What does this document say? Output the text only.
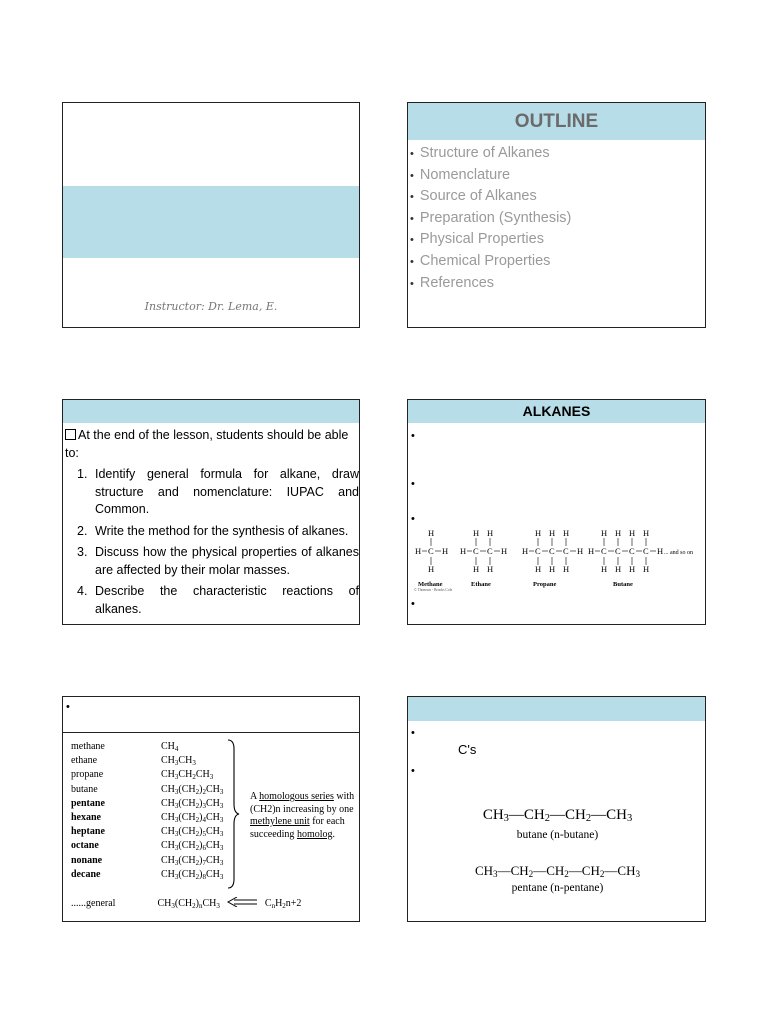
Instructor: Dr. Lema, E.
OUTLINE
• Structure of Alkanes
• Nomenclature
• Source of Alkanes
• Preparation (Synthesis)
• Physical Properties
• Chemical Properties
• References
At the end of the lesson, students should be able to:
1. Identify general formula for alkane, draw structure and nomenclature: IUPAC and Common.
2. Write the method for the synthesis of alkanes.
3. Discuss how the physical properties of alkanes are affected by their molar masses.
4. Describe the characteristic reactions of alkanes.
ALKANES
•
•
•
•
H C
H
H
H H C
H
H
C
H
H
H H C
H
H
C
H
H
C
H
H
H H C
H
H
C
H
H
C
H
H
C
H
H
H
Methane	Ethane	Propane	Butane
... and so on
© Thomson - Brooks Cole
•
methane	$CH_4$
ethane	$CH_3CH_3$
propane	$CH_3CH_2CH_3$
butane	$CH_3(CH_2)_2CH_3$
pentane	$CH_3(CH_2)_3CH_3$
hexane	$CH_3(CH_2)_4CH_3$
heptane	$CH_3(CH_2)_5CH_3$
octane	$CH_3(CH_2)_6CH_3$
nonane	$CH_3(CH_2)_7CH_3$
decane	$CH_3(CH_2)_8CH_3$
A homologous series with (CH2)n increasing by one methylene unit for each succeeding homolog.
......general	$CH_3(CH_2)_nCH_3$	$C_nH_2n+2$
•
C's
•
$CH_3—CH_2—CH_2—CH_3$
butane (n-butane)
$CH_3—CH_2—CH_2—CH_2—CH_3$
pentane (n-pentane)
